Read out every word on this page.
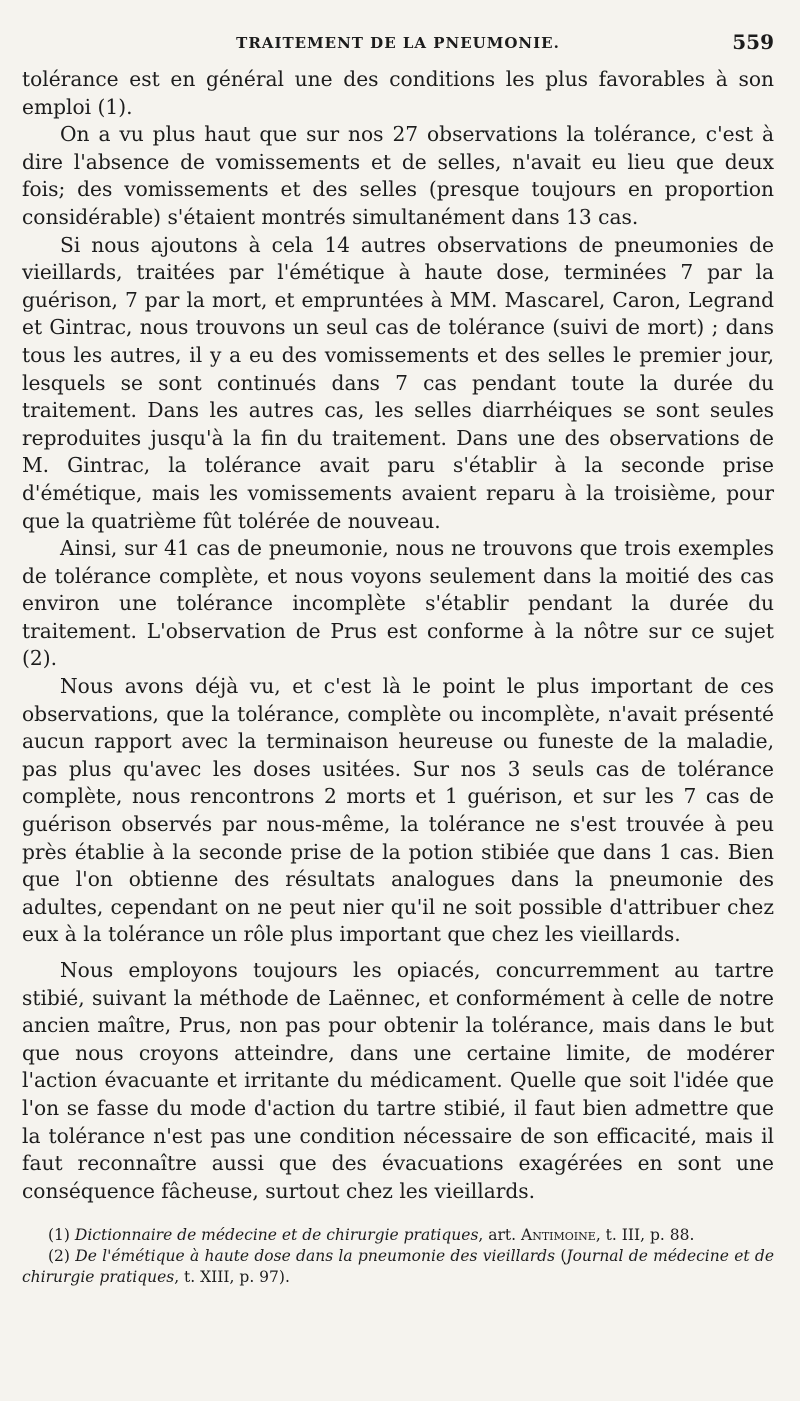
TRAITEMENT DE LA PNEUMONIE.	559

tolérance est en général une des conditions les plus favorables à son emploi (1).

On a vu plus haut que sur nos 27 observations la tolérance, c'est à dire l'absence de vomissements et de selles, n'avait eu lieu que deux fois; des vomissements et des selles (presque toujours en proportion considérable) s'étaient montrés simultanément dans 13 cas.

Si nous ajoutons à cela 14 autres observations de pneumonies de vieillards, traitées par l'émétique à haute dose, terminées 7 par la guérison, 7 par la mort, et empruntées à MM. Mascarel, Caron, Legrand et Gintrac, nous trouvons un seul cas de tolérance (suivi de mort) ; dans tous les autres, il y a eu des vomissements et des selles le premier jour, lesquels se sont continués dans 7 cas pendant toute la durée du traitement. Dans les autres cas, les selles diarrhéiques se sont seules reproduites jusqu'à la fin du traitement. Dans une des observations de M. Gintrac, la tolérance avait paru s'établir à la seconde prise d'émétique, mais les vomissements avaient reparu à la troisième, pour que la quatrième fût tolérée de nouveau.

Ainsi, sur 41 cas de pneumonie, nous ne trouvons que trois exemples de tolérance complète, et nous voyons seulement dans la moitié des cas environ une tolérance incomplète s'établir pendant la durée du traitement. L'observation de Prus est conforme à la nôtre sur ce sujet (2).

Nous avons déjà vu, et c'est là le point le plus important de ces observations, que la tolérance, complète ou incomplète, n'avait présenté aucun rapport avec la terminaison heureuse ou funeste de la maladie, pas plus qu'avec les doses usitées. Sur nos 3 seuls cas de tolérance complète, nous rencontrons 2 morts et 1 guérison, et sur les 7 cas de guérison observés par nous-même, la tolérance ne s'est trouvée à peu près établie à la seconde prise de la potion stibiée que dans 1 cas. Bien que l'on obtienne des résultats analogues dans la pneumonie des adultes, cependant on ne peut nier qu'il ne soit possible d'attribuer chez eux à la tolérance un rôle plus important que chez les vieillards.

Nous employons toujours les opiacés, concurremment au tartre stibié, suivant la méthode de Laënnec, et conformément à celle de notre ancien maître, Prus, non pas pour obtenir la tolérance, mais dans le but que nous croyons atteindre, dans une certaine limite, de modérer l'action évacuante et irritante du médicament. Quelle que soit l'idée que l'on se fasse du mode d'action du tartre stibié, il faut bien admettre que la tolérance n'est pas une condition nécessaire de son efficacité, mais il faut reconnaître aussi que des évacuations exagérées en sont une conséquence fâcheuse, surtout chez les vieillards.

(1) Dictionnaire de médecine et de chirurgie pratiques, art. Antimoine, t. III, p. 88.

(2) De l'émétique à haute dose dans la pneumonie des vieillards (Journal de médecine et de chirurgie pratiques, t. XIII, p. 97).
